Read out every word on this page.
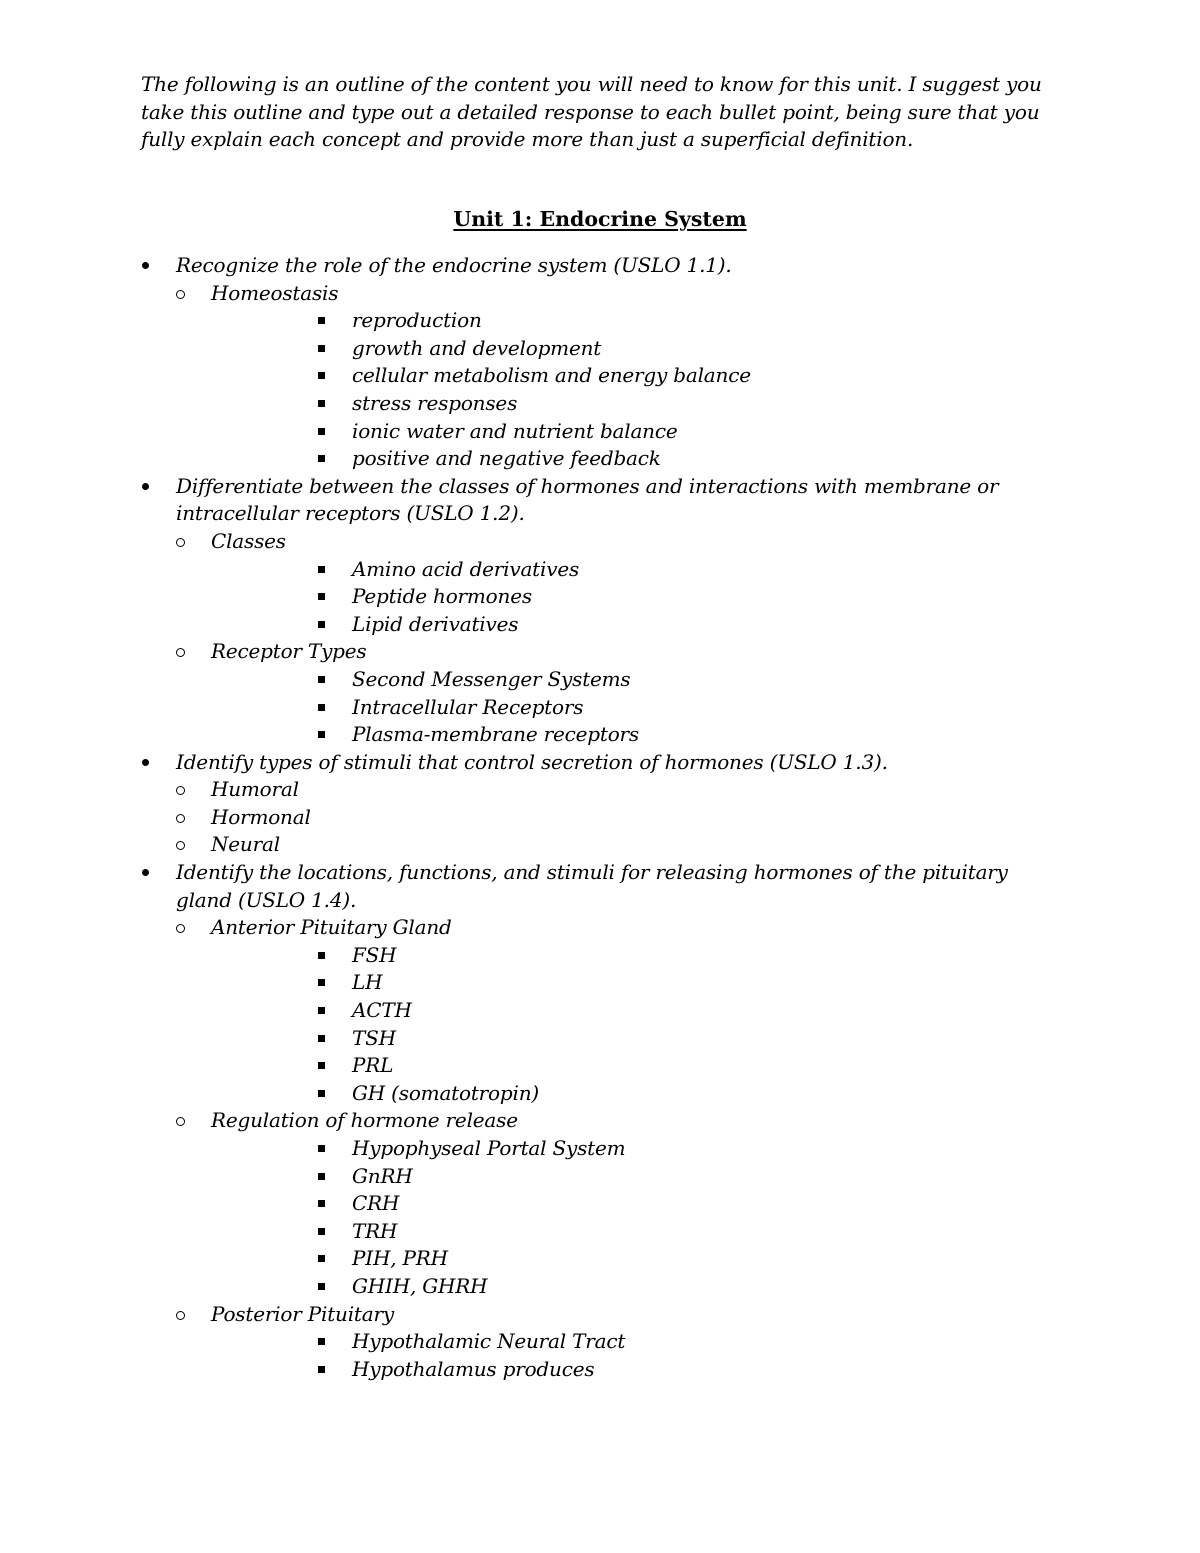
The following is an outline of the content you will need to know for this unit. I suggest you take this outline and type out a detailed response to each bullet point, being sure that you fully explain each concept and provide more than just a superficial definition.
Unit 1: Endocrine System
Recognize the role of the endocrine system (USLO 1.1).
Homeostasis
reproduction
growth and development
cellular metabolism and energy balance
stress responses
ionic water and nutrient balance
positive and negative feedback
Differentiate between the classes of hormones and interactions with membrane or intracellular receptors (USLO 1.2).
Classes
Amino acid derivatives
Peptide hormones
Lipid derivatives
Receptor Types
Second Messenger Systems
Intracellular Receptors
Plasma-membrane receptors
Identify types of stimuli that control secretion of hormones (USLO 1.3).
Humoral
Hormonal
Neural
Identify the locations, functions, and stimuli for releasing hormones of the pituitary gland (USLO 1.4).
Anterior Pituitary Gland
FSH
LH
ACTH
TSH
PRL
GH (somatotropin)
Regulation of hormone release
Hypophyseal Portal System
GnRH
CRH
TRH
PIH, PRH
GHIH, GHRH
Posterior Pituitary
Hypothalamic Neural Tract
Hypothalamus produces
